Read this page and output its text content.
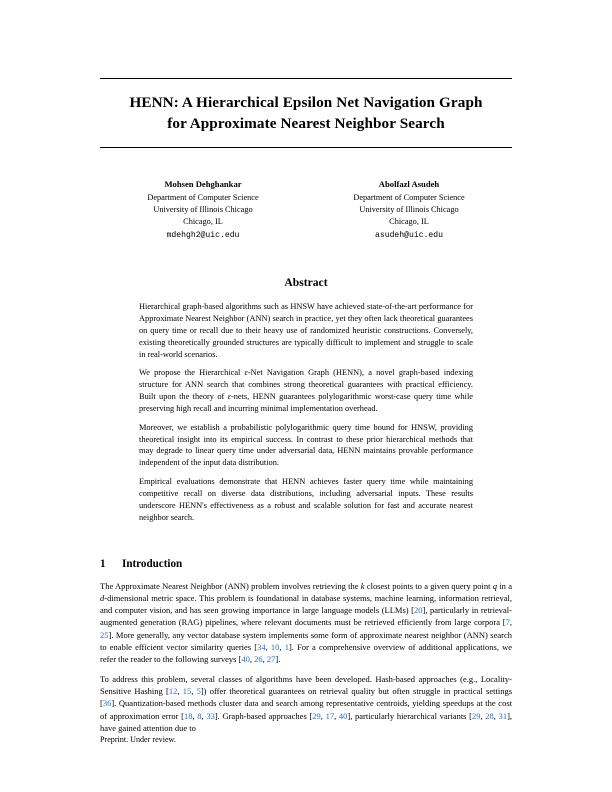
HENN: A Hierarchical Epsilon Net Navigation Graph
for Approximate Nearest Neighbor Search
Mohsen Dehghankar
Department of Computer Science
University of Illinois Chicago
Chicago, IL
mdehgh2@uic.edu
Abolfazl Asudeh
Department of Computer Science
University of Illinois Chicago
Chicago, IL
asudeh@uic.edu
Abstract

Hierarchical graph-based algorithms such as HNSW have achieved state-of-the-art performance for Approximate Nearest Neighbor (ANN) search in practice, yet they often lack theoretical guarantees on query time or recall due to their heavy use of randomized heuristic constructions. Conversely, existing theoretically grounded structures are typically difficult to implement and struggle to scale in real-world scenarios.

We propose the Hierarchical ε-Net Navigation Graph (HENN), a novel graph-based indexing structure for ANN search that combines strong theoretical guarantees with practical efficiency. Built upon the theory of ε-nets, HENN guarantees polylogarithmic worst-case query time while preserving high recall and incurring minimal implementation overhead.

Moreover, we establish a probabilistic polylogarithmic query time bound for HNSW, providing theoretical insight into its empirical success. In contrast to these prior hierarchical methods that may degrade to linear query time under adversarial data, HENN maintains provable performance independent of the input data distribution.

Empirical evaluations demonstrate that HENN achieves faster query time while maintaining competitive recall on diverse data distributions, including adversarial inputs. These results underscore HENN's effectiveness as a robust and scalable solution for fast and accurate nearest neighbor search.

1 Introduction

The Approximate Nearest Neighbor (ANN) problem involves retrieving the k closest points to a given query point q in a d-dimensional metric space. This problem is foundational in database systems, machine learning, information retrieval, and computer vision, and has seen growing importance in large language models (LLMs) [20], particularly in retrieval-augmented generation (RAG) pipelines, where relevant documents must be retrieved efficiently from large corpora [7, 25]. More generally, any vector database system implements some form of approximate nearest neighbor (ANN) search to enable efficient vector similarity queries [34, 10, 1]. For a comprehensive overview of additional applications, we refer the reader to the following surveys [40, 26, 27].

To address this problem, several classes of algorithms have been developed. Hash-based approaches (e.g., Locality-Sensitive Hashing [12, 15, 5]) offer theoretical guarantees on retrieval quality but often struggle in practical settings [36]. Quantization-based methods cluster data and search among representative centroids, yielding speedups at the cost of approximation error [18, 8, 33]. Graph-based approaches [29, 17, 40], particularly hierarchical variants [29, 28, 31], have gained attention due to

Preprint. Under review.
